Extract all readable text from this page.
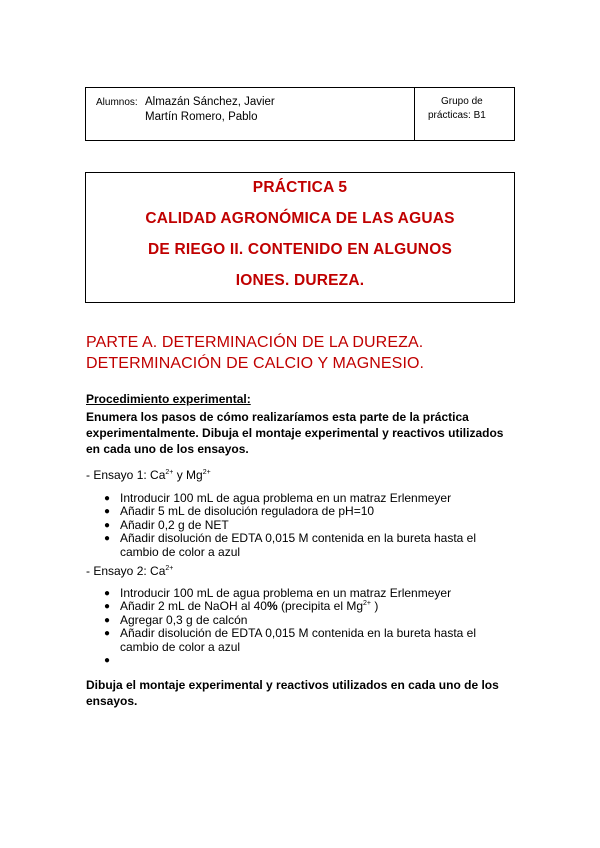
Alumnos: Almazán Sánchez, Javier
Martín Romero, Pablo
Grupo de
prácticas: B1
PRÁCTICA 5
CALIDAD AGRONÓMICA DE LAS AGUAS
DE RIEGO II. CONTENIDO EN ALGUNOS
IONES. DUREZA.
PARTE A. DETERMINACIÓN DE LA DUREZA.
DETERMINACIÓN DE CALCIO Y MAGNESIO.
Procedimiento experimental:
Enumera los pasos de cómo realizaríamos esta parte de la práctica
experimentalmente. Dibuja el montaje experimental y reactivos utilizados
en cada uno de los ensayos.
- Ensayo 1: $Ca^{2+}$ y $Mg^{2+}$
● Introducir 100 mL de agua problema en un matraz Erlenmeyer
● Añadir 5 mL de disolución reguladora de pH=10
● Añadir 0,2 g de NET
● Añadir disolución de EDTA 0,015 M contenida en la bureta hasta el
cambio de color a azul
- Ensayo 2: $Ca^{2+}$
● Introducir 100 mL de agua problema en un matraz Erlenmeyer
● Añadir 2 mL de NaOH al 40% (precipita el $Mg^{2+}$ )
● Agregar 0,3 g de calcón
● Añadir disolución de EDTA 0,015 M contenida en la bureta hasta el
cambio de color a azul
●
Dibuja el montaje experimental y reactivos utilizados en cada uno de los
ensayos.
